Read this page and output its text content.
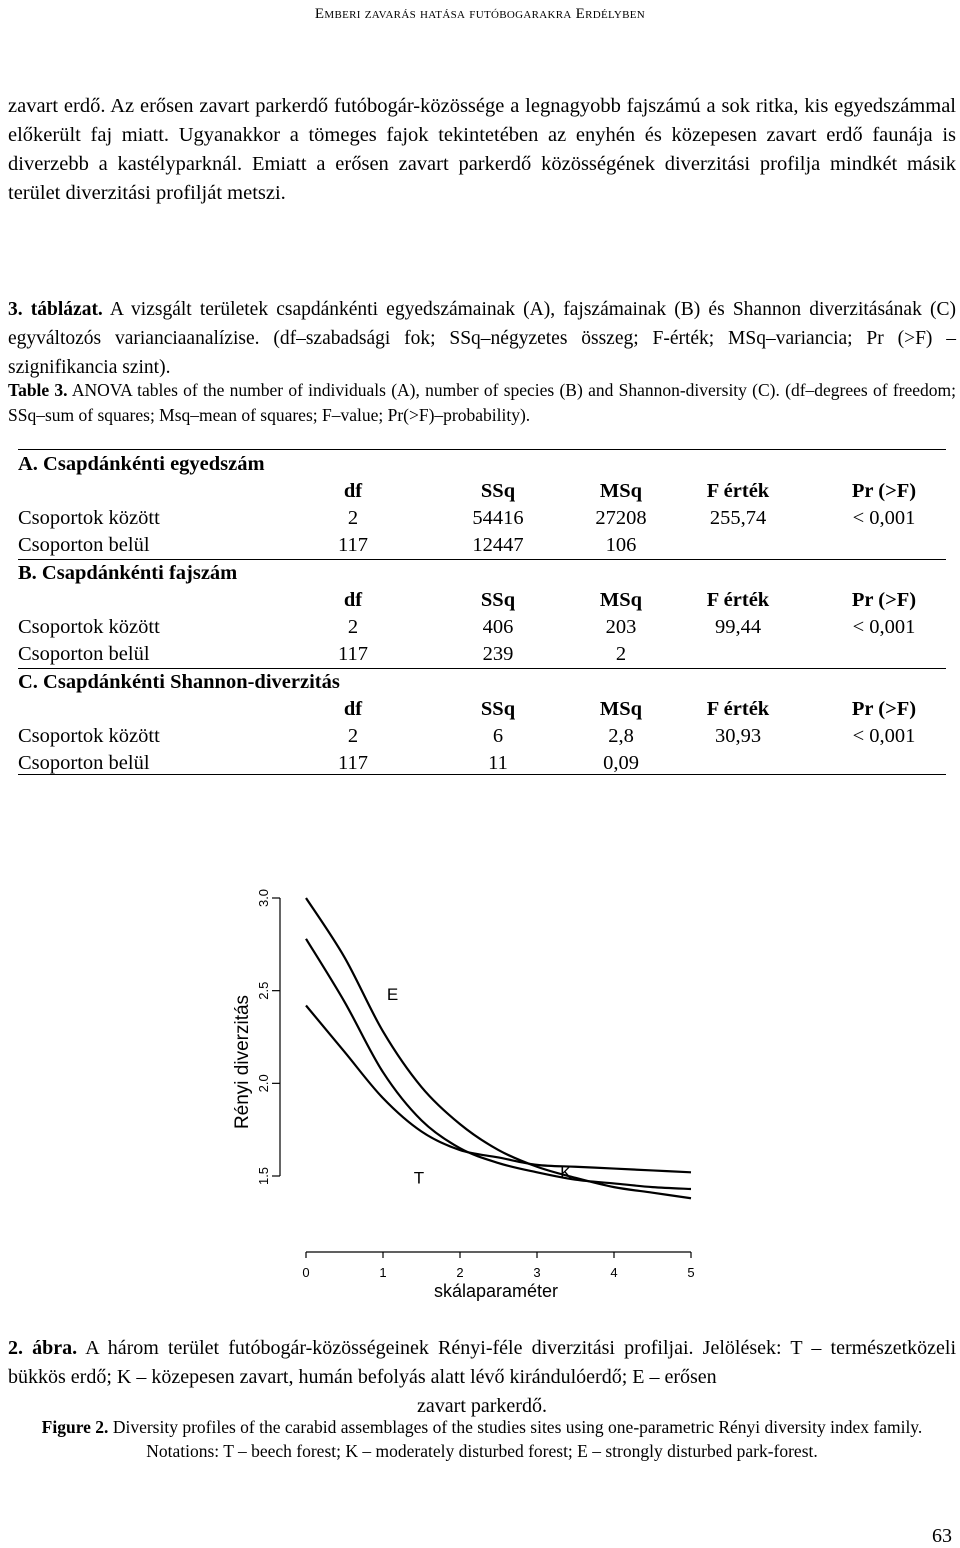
Emberi zavarás hatása futóbogarakra Erdélyben
zavart erdő. Az erősen zavart parkerdő futóbogár-közössége a legnagyobb fajszámú a sok ritka, kis egyedszámmal előkerült faj miatt. Ugyanakkor a tömeges fajok tekintetében az enyhén és közepesen zavart erdő faunája is diverzebb a kastélyparknál. Emiatt a erősen zavart parkerdő közösségének diverzitási profilja mindkét másik terület diverzitási profilját metszi.
3. táblázat. A vizsgált területek csapdánkénti egyedszámainak (A), fajszámainak (B) és Shannon diverzitásának (C) egyváltozós varianciaanalízise. (df–szabadsági fok; SSq–négyzetes összeg; F-érték; MSq–variancia; Pr (>F) –szignifikancia szint).
Table 3. ANOVA tables of the number of individuals (A), number of species (B) and Shannon-diversity (C). (df–degrees of freedom; SSq–sum of squares; Msq–mean of squares; F–value; Pr(>F)–probability).
A. Csapdánkénti egyedszám
df	SSq	MSq	F érték	Pr (>F)
Csoportok között	2	54416	27208	255,74	< 0,001
Csoporton belül	117	12447	106
B. Csapdánkénti fajszám
df	SSq	MSq	F érték	Pr (>F)
Csoportok között	2	406	203	99,44	< 0,001
Csoporton belül	117	239	2
C. Csapdánkénti Shannon-diverzitás
df	SSq	MSq	F érték	Pr (>F)
Csoportok között	2	6	2,8	30,93	< 0,001
Csoporton belül	117	11	0,09
1.5
2.0
2.5
3.0
0	1	2	3	4	5
E
T	K
skálaparaméter
Rényi diverzitás
2. ábra. A három terület futóbogár-közösségeinek Rényi-féle diverzitási profiljai. Jelölések: T – természetközeli bükkös erdő; K – közepesen zavart, humán befolyás alatt lévő kirándulóerdő; E – erősen
zavart parkerdő.
Figure 2. Diversity profiles of the carabid assemblages of the studies sites using one-parametric Rényi diversity index family. Notations: T – beech forest; K – moderately disturbed forest; E – strongly disturbed park-forest.
63
